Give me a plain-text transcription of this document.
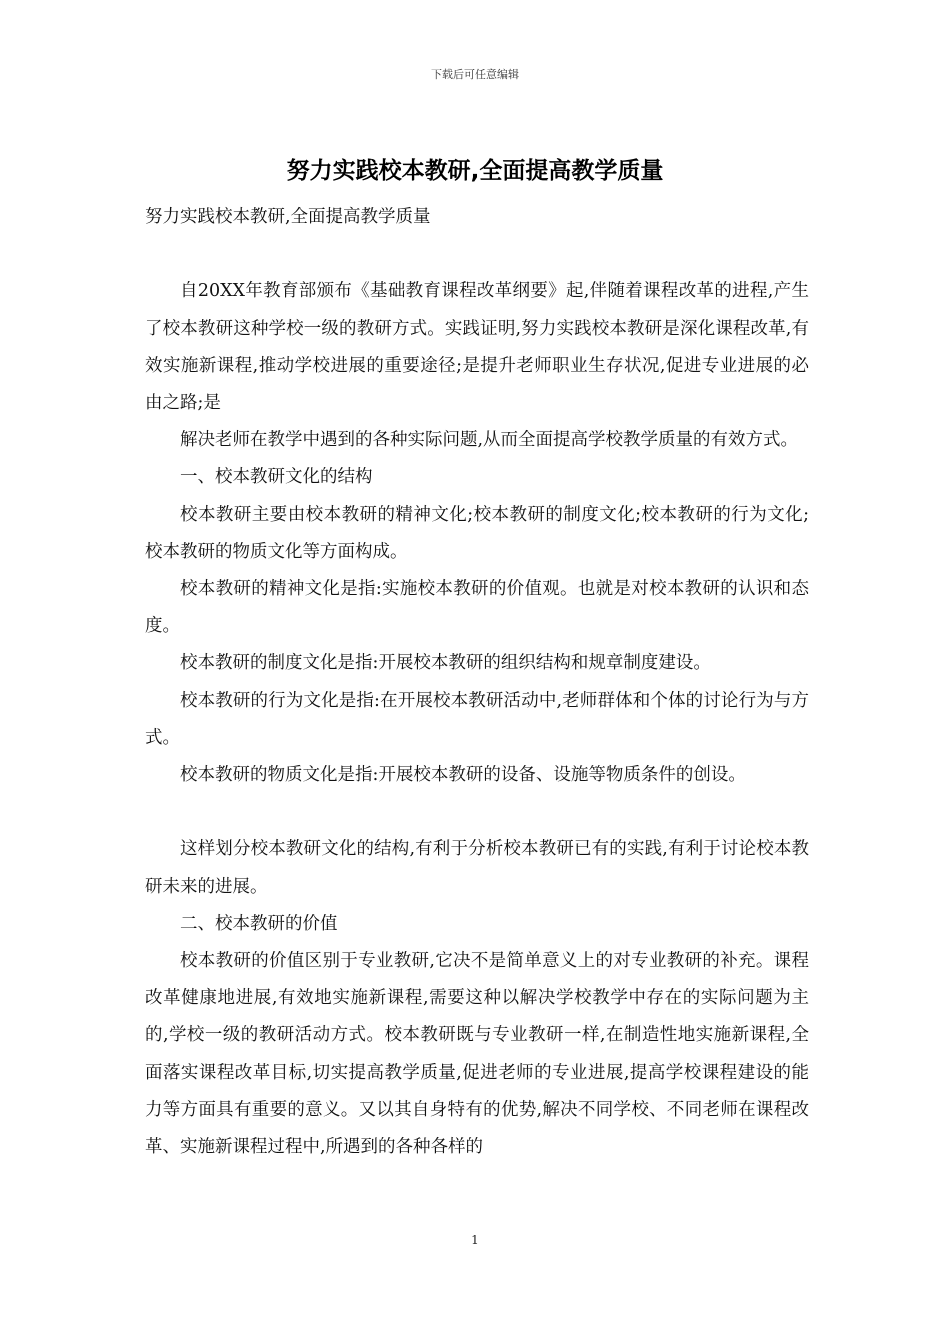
下载后可任意编辑
努力实践校本教研,全面提高教学质量

努力实践校本教研,全面提高教学质量

自20XX年教育部颁布《基础教育课程改革纲要》起,伴随着课程改革的进程,产生了校本教研这种学校一级的教研方式。实践证明,努力实践校本教研是深化课程改革,有效实施新课程,推动学校进展的重要途径;是提升老师职业生存状况,促进专业进展的必由之路;是

解决老师在教学中遇到的各种实际问题,从而全面提高学校教学质量的有效方式。

一、校本教研文化的结构

校本教研主要由校本教研的精神文化;校本教研的制度文化;校本教研的行为文化;校本教研的物质文化等方面构成。

校本教研的精神文化是指:实施校本教研的价值观。也就是对校本教研的认识和态度。

校本教研的制度文化是指:开展校本教研的组织结构和规章制度建设。

校本教研的行为文化是指:在开展校本教研活动中,老师群体和个体的讨论行为与方式。

校本教研的物质文化是指:开展校本教研的设备、设施等物质条件的创设。

这样划分校本教研文化的结构,有利于分析校本教研已有的实践,有利于讨论校本教研未来的进展。

二、校本教研的价值

校本教研的价值区别于专业教研,它决不是简单意义上的对专业教研的补充。课程改革健康地进展,有效地实施新课程,需要这种以解决学校教学中存在的实际问题为主的,学校一级的教研活动方式。校本教研既与专业教研一样,在制造性地实施新课程,全面落实课程改革目标,切实提高教学质量,促进老师的专业进展,提高学校课程建设的能力等方面具有重要的意义。又以其自身特有的优势,解决不同学校、不同老师在课程改革、实施新课程过程中,所遇到的各种各样的

1
